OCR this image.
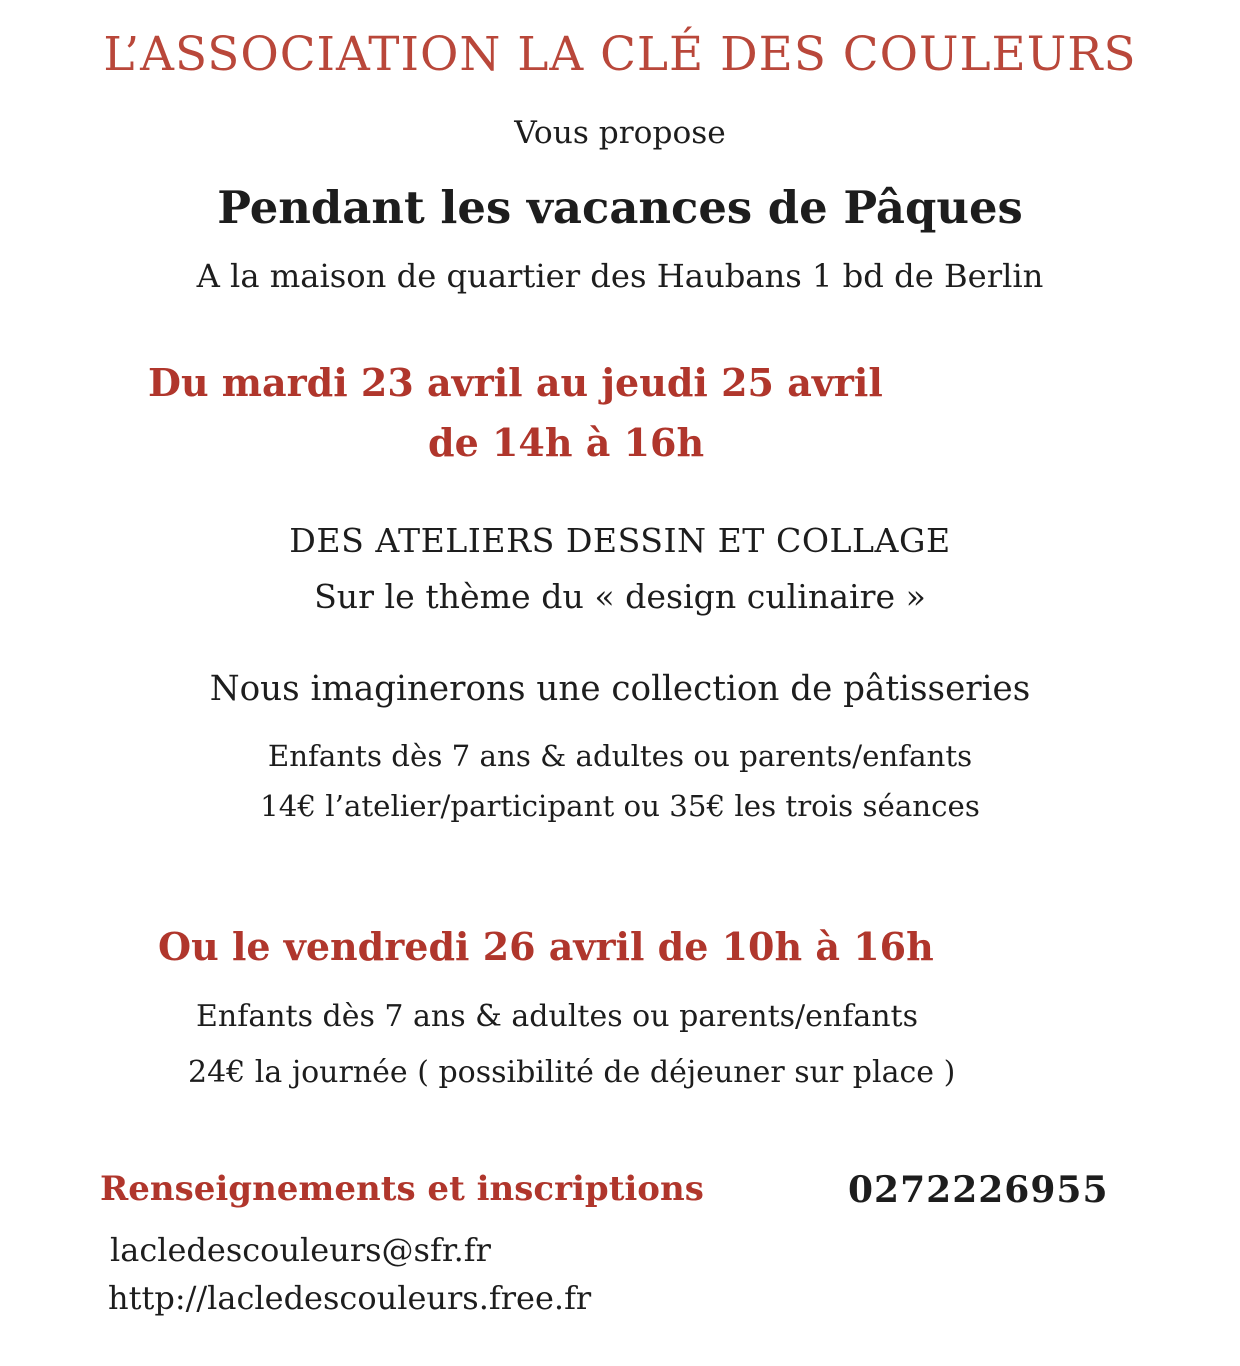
L’ASSOCIATION LA CLÉ DES COULEURS
Vous propose
Pendant les vacances de Pâques
A la maison de quartier des Haubans 1 bd de Berlin
Du mardi 23 avril au jeudi 25 avril
de 14h à 16h
DES ATELIERS DESSIN ET COLLAGE
Sur le thème du « design culinaire »
Nous imaginerons une collection de pâtisseries
Enfants dès 7 ans & adultes ou parents/enfants
14€ l’atelier/participant ou 35€ les trois séances
Ou le vendredi 26 avril de 10h à 16h
Enfants dès 7 ans & adultes ou parents/enfants
24€ la journée ( possibilité de déjeuner sur place )
Renseignements et inscriptions	0272226955
lacledescouleurs@sfr.fr
http://lacledescouleurs.free.fr
